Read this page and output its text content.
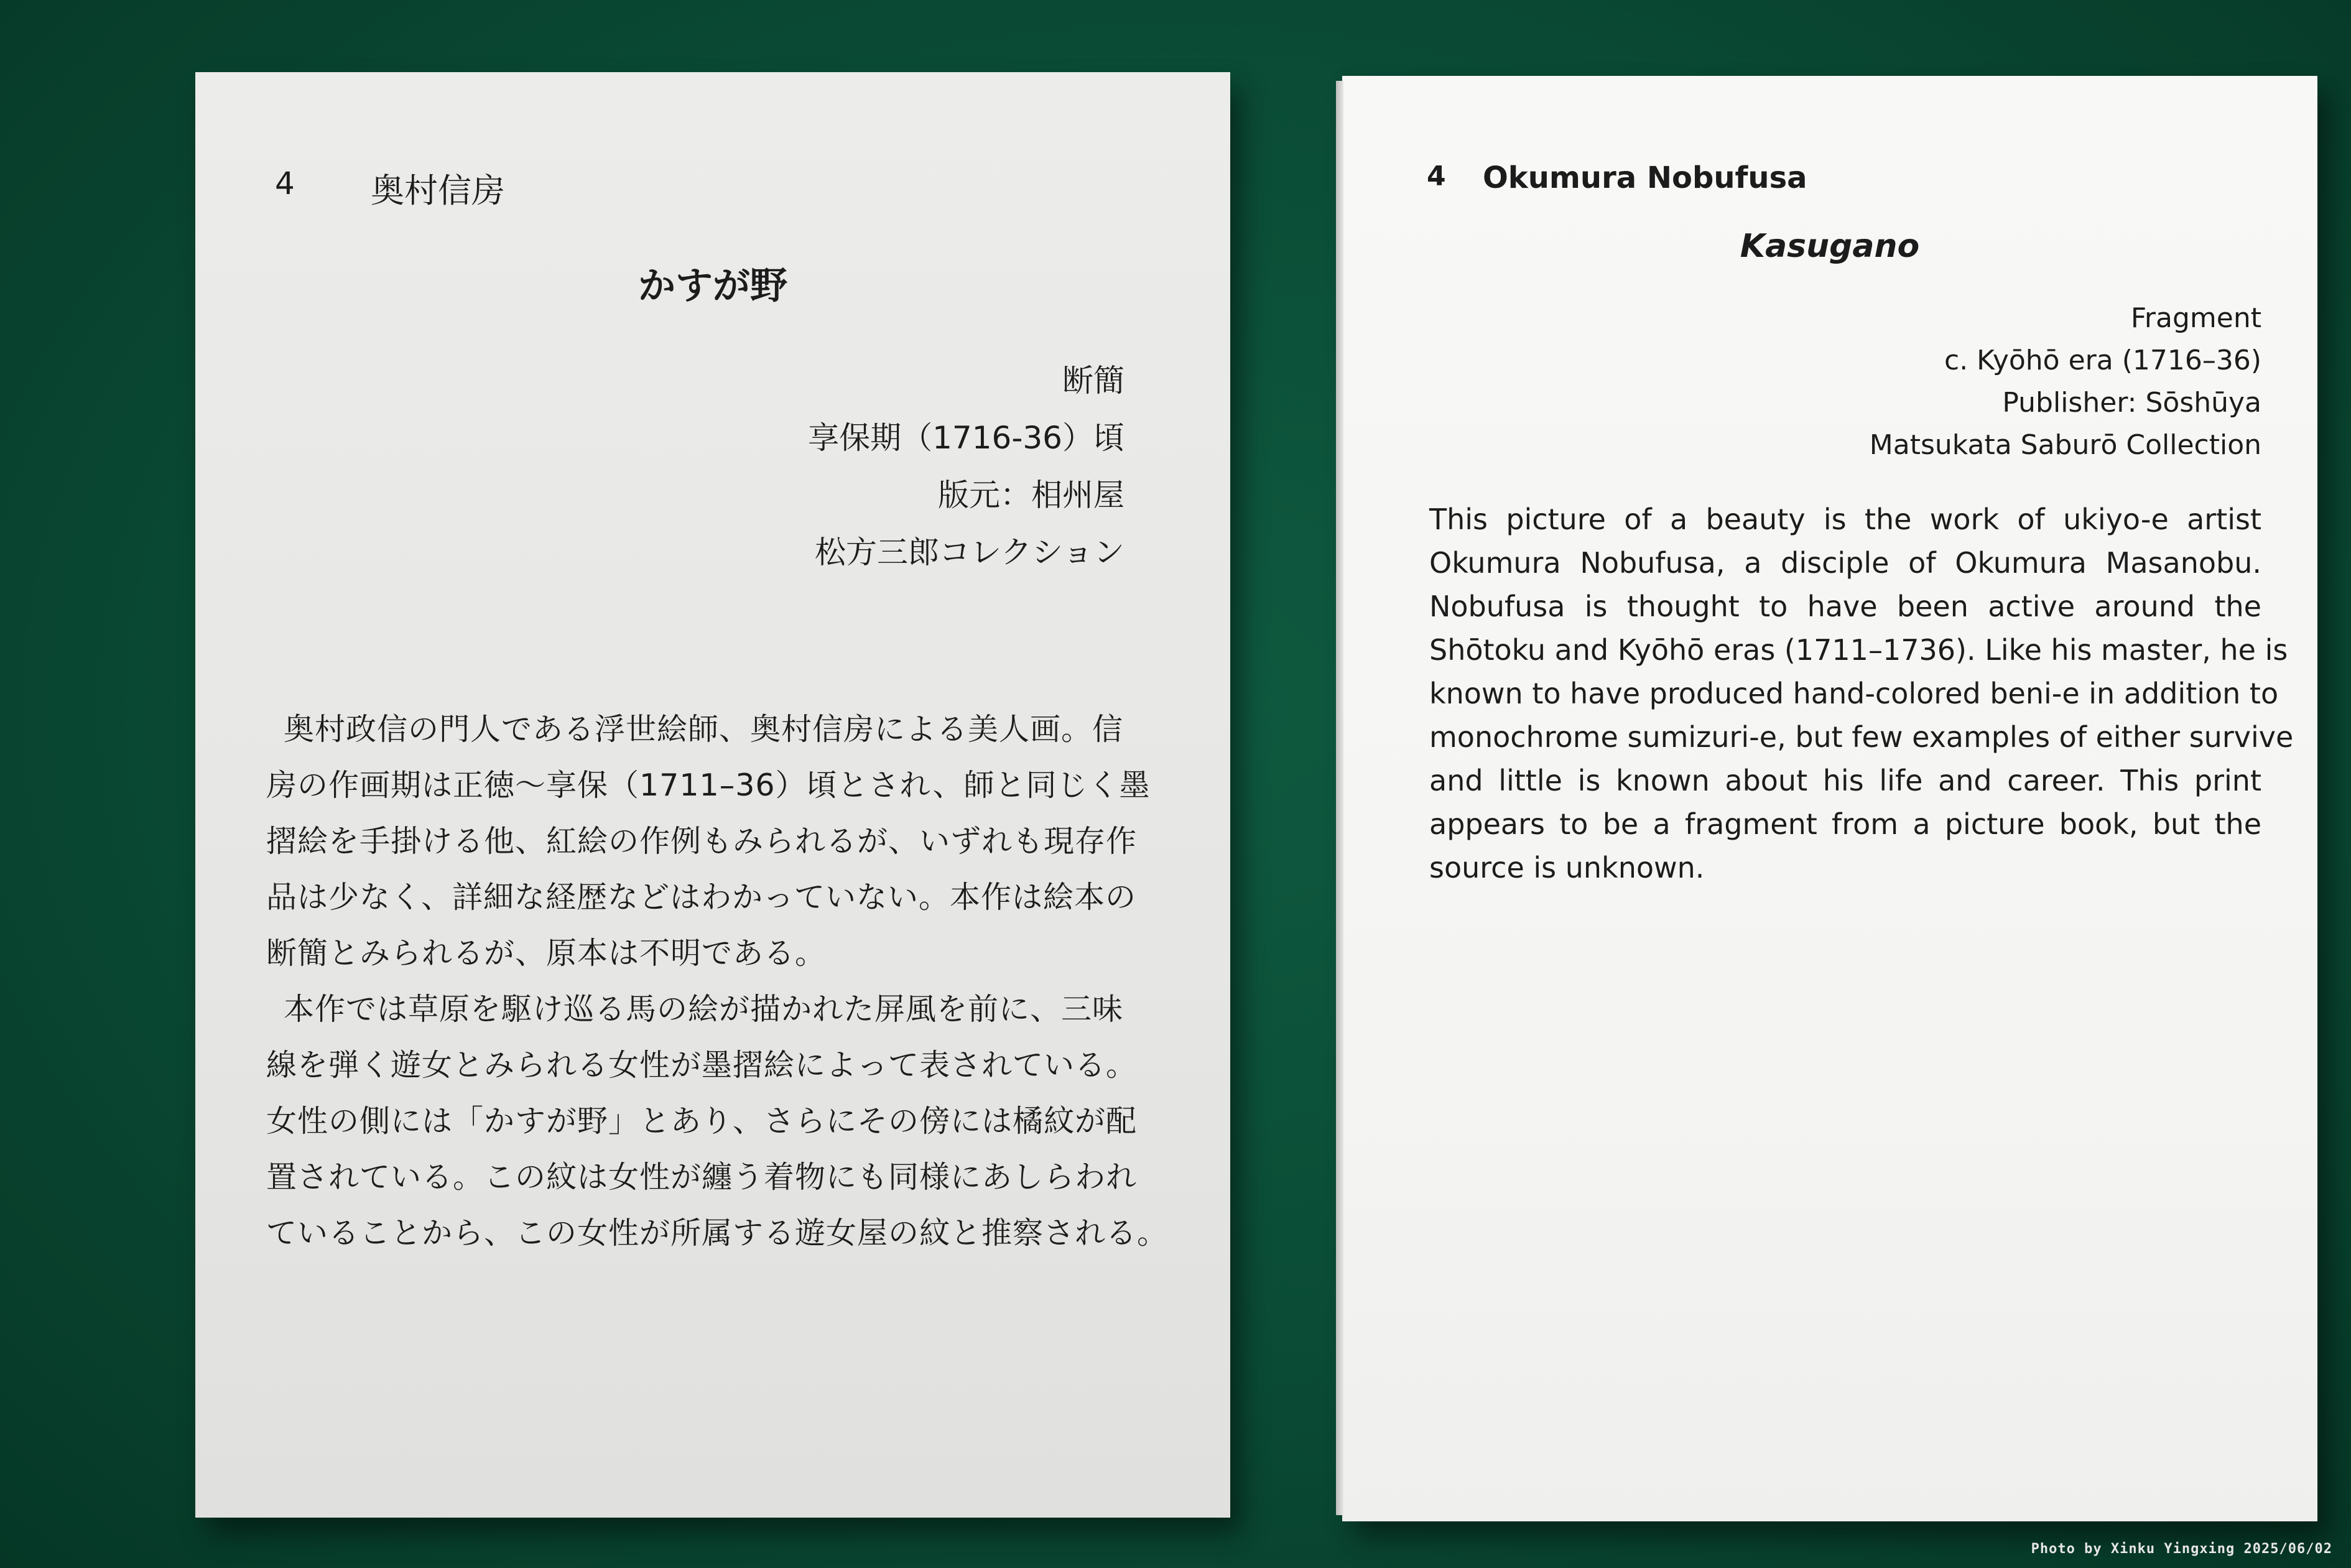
4 奥村信房
かすが野
断簡
享保期（1716-36）頃
版元：相州屋
松方三郎コレクション
奥村政信の門人である浮世絵師、奥村信房による美人画。信
房の作画期は正徳〜享保（1711–36）頃とされ、師と同じく墨
摺絵を手掛ける他、紅絵の作例もみられるが、いずれも現存作
品は少なく、詳細な経歴などはわかっていない。本作は絵本の
断簡とみられるが、原本は不明である。
本作では草原を駆け巡る馬の絵が描かれた屏風を前に、三味
線を弾く遊女とみられる女性が墨摺絵によって表されている。
女性の側には「かすが野」とあり、さらにその傍には橘紋が配
置されている。この紋は女性が纏う着物にも同様にあしらわれ
ていることから、この女性が所属する遊女屋の紋と推察される。
4 Okumura Nobufusa
Kasugano
Fragment
c. Kyōhō era (1716–36)
Publisher: Sōshūya
Matsukata Saburō Collection
This picture of a beauty is the work of ukiyo-e artist
Okumura Nobufusa, a disciple of Okumura Masanobu.
Nobufusa is thought to have been active around the
Shōtoku and Kyōhō eras (1711–1736). Like his master, he is
known to have produced hand-colored beni-e in addition to
monochrome sumizuri-e, but few examples of either survive
and little is known about his life and career. This print
appears to be a fragment from a picture book, but the
source is unknown.
Photo by Xinku Yingxing 2025/06/02
